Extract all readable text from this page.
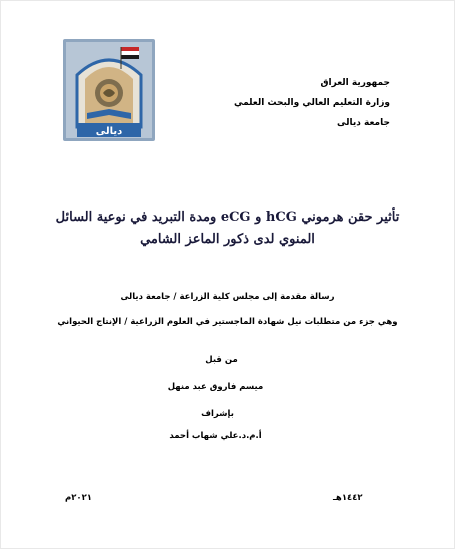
ديالى
جمهورية العراق
وزارة التعليم العالي والبحث العلمي
جامعة ديالى
تأثير حقن هرموني hCG و eCG ومدة التبريد في نوعية السائل
المنوي لدى ذكور الماعز الشامي
رسالة مقدمة إلى مجلس كلية الزراعة / جامعة ديالى
وهي جزء من متطلبات نيل شهادة الماجستير في العلوم الزراعية / الإنتاج الحيواني
من قبل
ميسم فاروق عبد منهل
بإشراف
أ.م.د.علي شهاب أحمد
١٤٤٢هـ
٢٠٢١م
